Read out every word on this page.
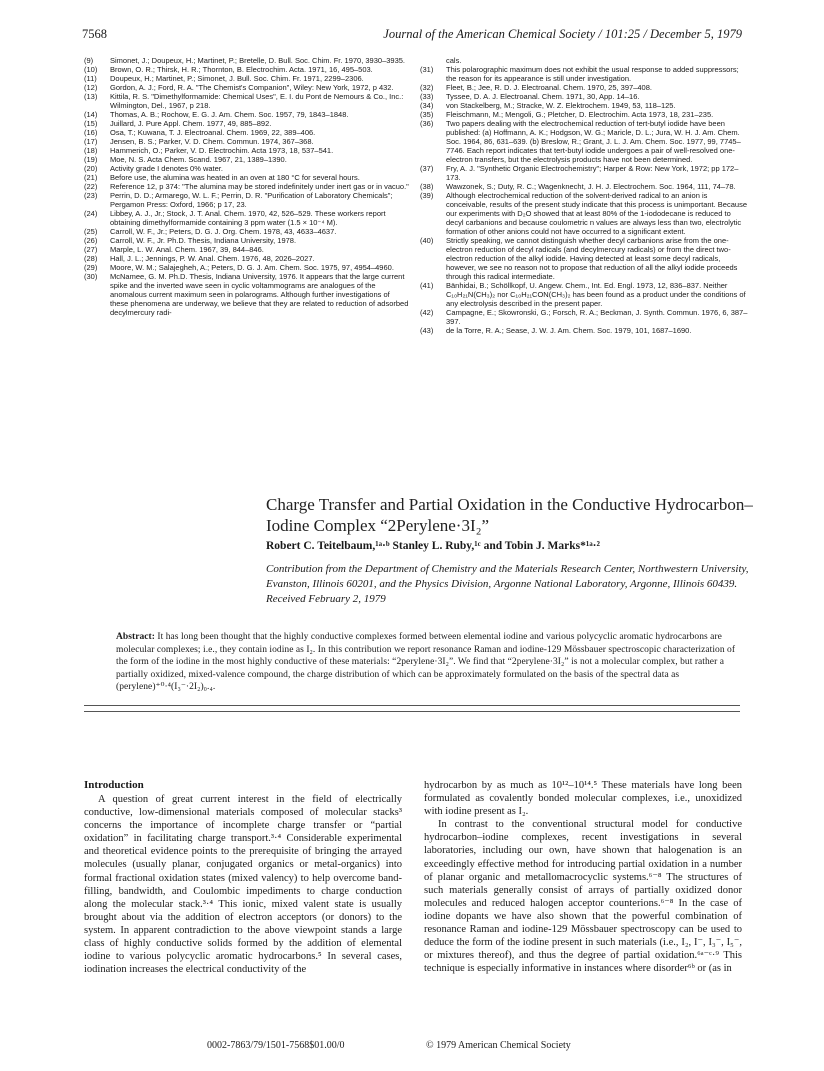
7568	Journal of the American Chemical Society / 101:25 / December 5, 1979
(9)	Simonet, J.; Doupeux, H.; Martinet, P.; Bretelle, D. Bull. Soc. Chim. Fr. 1970, 3930–3935.
(10)	Brown, O. R.; Thirsk, H. R.; Thornton, B. Electrochim. Acta. 1971, 16, 495–503.
(11)	Doupeux, H.; Martinet, P.; Simonet, J. Bull. Soc. Chim. Fr. 1971, 2299–2306.
(12)	Gordon, A. J.; Ford, R. A. "The Chemist's Companion", Wiley: New York, 1972, p 432.
(13)	Kittila, R. S. "Dimethylformamide: Chemical Uses", E. I. du Pont de Nemours & Co., Inc.: Wilmington, Del., 1967, p 218.
(14)	Thomas, A. B.; Rochow, E. G. J. Am. Chem. Soc. 1957, 79, 1843–1848.
(15)	Juillard, J. Pure Appl. Chem. 1977, 49, 885–892.
(16)	Osa, T.; Kuwana, T. J. Electroanal. Chem. 1969, 22, 389–406.
(17)	Jensen, B. S.; Parker, V. D. Chem. Commun. 1974, 367–368.
(18)	Hammerich, O.; Parker, V. D. Electrochim. Acta 1973, 18, 537–541.
(19)	Moe, N. S. Acta Chem. Scand. 1967, 21, 1389–1390.
(20)	Activity grade I denotes 0% water.
(21)	Before use, the alumina was heated in an oven at 180 °C for several hours.
(22)	Reference 12, p 374: "The alumina may be stored indefinitely under inert gas or in vacuo."
(23)	Perrin, D. D.; Armarego, W. L. F.; Perrin, D. R. "Purification of Laboratory Chemicals"; Pergamon Press: Oxford, 1966; p 17, 23.
(24)	Libbey, A. J., Jr.; Stock, J. T. Anal. Chem. 1970, 42, 526–529. These workers report obtaining dimethylformamide containing 3 ppm water (1.5 × 10⁻⁴ M).
(25)	Carroll, W. F., Jr.; Peters, D. G. J. Org. Chem. 1978, 43, 4633–4637.
(26)	Carroll, W. F., Jr. Ph.D. Thesis, Indiana University, 1978.
(27)	Marple, L. W. Anal. Chem. 1967, 39, 844–846.
(28)	Hall, J. L.; Jennings, P. W. Anal. Chem. 1976, 48, 2026–2027.
(29)	Moore, W. M.; Salajegheh, A.; Peters, D. G. J. Am. Chem. Soc. 1975, 97, 4954–4960.
(30)	McNamee, G. M. Ph.D. Thesis, Indiana University, 1976. It appears that the large current spike and the inverted wave seen in cyclic voltammograms are analogues of the anomalous current maximum seen in polarograms. Although further investigations of these phenomena are underway, we believe that they are related to reduction of adsorbed decylmercury radi-
cals.
(31)	This polarographic maximum does not exhibit the usual response to added suppressors; the reason for its appearance is still under investigation.
(32)	Fleet, B.; Jee, R. D. J. Electroanal. Chem. 1970, 25, 397–408.
(33)	Tyssee, D. A. J. Electroanal. Chem. 1971, 30, App. 14–16.
(34)	von Stackelberg, M.; Stracke, W. Z. Elektrochem. 1949, 53, 118–125.
(35)	Fleischmann, M.; Mengoli, G.; Pletcher, D. Electrochim. Acta 1973, 18, 231–235.
(36)	Two papers dealing with the electrochemical reduction of tert-butyl iodide have been published: (a) Hoffmann, A. K.; Hodgson, W. G.; Maricle, D. L.; Jura, W. H. J. Am. Chem. Soc. 1964, 86, 631–639. (b) Breslow, R.; Grant, J. L. J. Am. Chem. Soc. 1977, 99, 7745–7746. Each report indicates that tert-butyl iodide undergoes a pair of well-resolved one-electron transfers, but the electrolysis products have not been determined.
(37)	Fry, A. J. "Synthetic Organic Electrochemistry"; Harper & Row: New York, 1972; pp 172–173.
(38)	Wawzonek, S.; Duty, R. C.; Wagenknecht, J. H. J. Electrochem. Soc. 1964, 111, 74–78.
(39)	Although electrochemical reduction of the solvent-derived radical to an anion is conceivable, results of the present study indicate that this process is unimportant. Because our experiments with D₂O showed that at least 80% of the 1-iododecane is reduced to decyl carbanions and because coulometric n values are always less than two, electrolytic formation of other anions could not have occurred to a significant extent.
(40)	Strictly speaking, we cannot distinguish whether decyl carbanions arise from the one-electron reduction of decyl radicals (and decylmercury radicals) or from the direct two-electron reduction of the alkyl iodide. Having detected at least some decyl radicals, however, we see no reason not to propose that reduction of all the alkyl iodide proceeds through this radical intermediate.
(41)	Bänhidai, B.; Schöllkopf, U. Angew. Chem., Int. Ed. Engl. 1973, 12, 836–837. Neither C₁₀H₂₁N(CH₃)₂ nor C₁₀H₂₁CON(CH₃)₂ has been found as a product under the conditions of any electrolysis described in the present paper.
(42)	Campagne, E.; Skowronski, G.; Forsch, R. A.; Beckman, J. Synth. Commun. 1976, 6, 387–397.
(43)	de la Torre, R. A.; Sease, J. W. J. Am. Chem. Soc. 1979, 101, 1687–1690.
Charge Transfer and Partial Oxidation in the Conductive Hydrocarbon–Iodine Complex “2Perylene·3I₂”
Robert C. Teitelbaum,¹ᵃ·ᵇ Stanley L. Ruby,¹ᶜ and Tobin J. Marks*¹ᵃ·²
Contribution from the Department of Chemistry and the Materials Research Center, Northwestern University, Evanston, Illinois 60201, and the Physics Division, Argonne National Laboratory, Argonne, Illinois 60439. Received February 2, 1979
Abstract: It has long been thought that the highly conductive complexes formed between elemental iodine and various polycyclic aromatic hydrocarbons are molecular complexes; i.e., they contain iodine as I₂. In this contribution we report resonance Raman and iodine-129 Mössbauer spectroscopic characterization of the form of the iodine in the most highly conductive of these materials: “2perylene·3I₂”. We find that “2perylene·3I₂” is not a molecular complex, but rather a partially oxidized, mixed-valence compound, the charge distribution of which can be approximately formulated on the basis of the spectral data as (perylene)⁺⁰·⁴(I₃⁻·2I₂)₀.₄.
Introduction
A question of great current interest in the field of electrically conductive, low-dimensional materials composed of molecular stacks³ concerns the importance of incomplete charge transfer or “partial oxidation” in facilitating charge transport.³·⁴ Considerable experimental and theoretical evidence points to the prerequisite of bringing the arrayed molecules (usually planar, conjugated organics or metal-organics) into formal fractional oxidation states (mixed valency) to help overcome band-filling, bandwidth, and Coulombic impediments to charge conduction along the molecular stack.³·⁴ This ionic, mixed valent state is usually brought about via the addition of electron acceptors (or donors) to the system. In apparent contradiction to the above viewpoint stands a large class of highly conductive solids formed by the addition of elemental iodine to various polycyclic aromatic hydrocarbons.⁵ In several cases, iodination increases the electrical conductivity of the

hydrocarbon by as much as 10¹²–10¹⁴.⁵ These materials have long been formulated as covalently bonded molecular complexes, i.e., unoxidized with iodine present as I₂.

In contrast to the conventional structural model for conductive hydrocarbon–iodine complexes, recent investigations in several laboratories, including our own, have shown that halogenation is an exceedingly effective method for introducing partial oxidation in a number of planar organic and metallomacrocyclic systems.⁶⁻⁸ The structures of such materials generally consist of arrays of partially oxidized donor molecules and reduced halogen acceptor counterions.⁶⁻⁸ In the case of iodine dopants we have also shown that the powerful combination of resonance Raman and iodine-129 Mössbauer spectroscopy can be used to deduce the form of the iodine present in such materials (i.e., I₂, I⁻, I₃⁻, I₅⁻, or mixtures thereof), and thus the degree of partial oxidation.⁶ᵃ⁻ᶜ·⁹ This technique is especially informative in instances where disorder⁶ᵇ or (as in

0002-7863/79/1501-7568$01.00/0	© 1979 American Chemical Society
